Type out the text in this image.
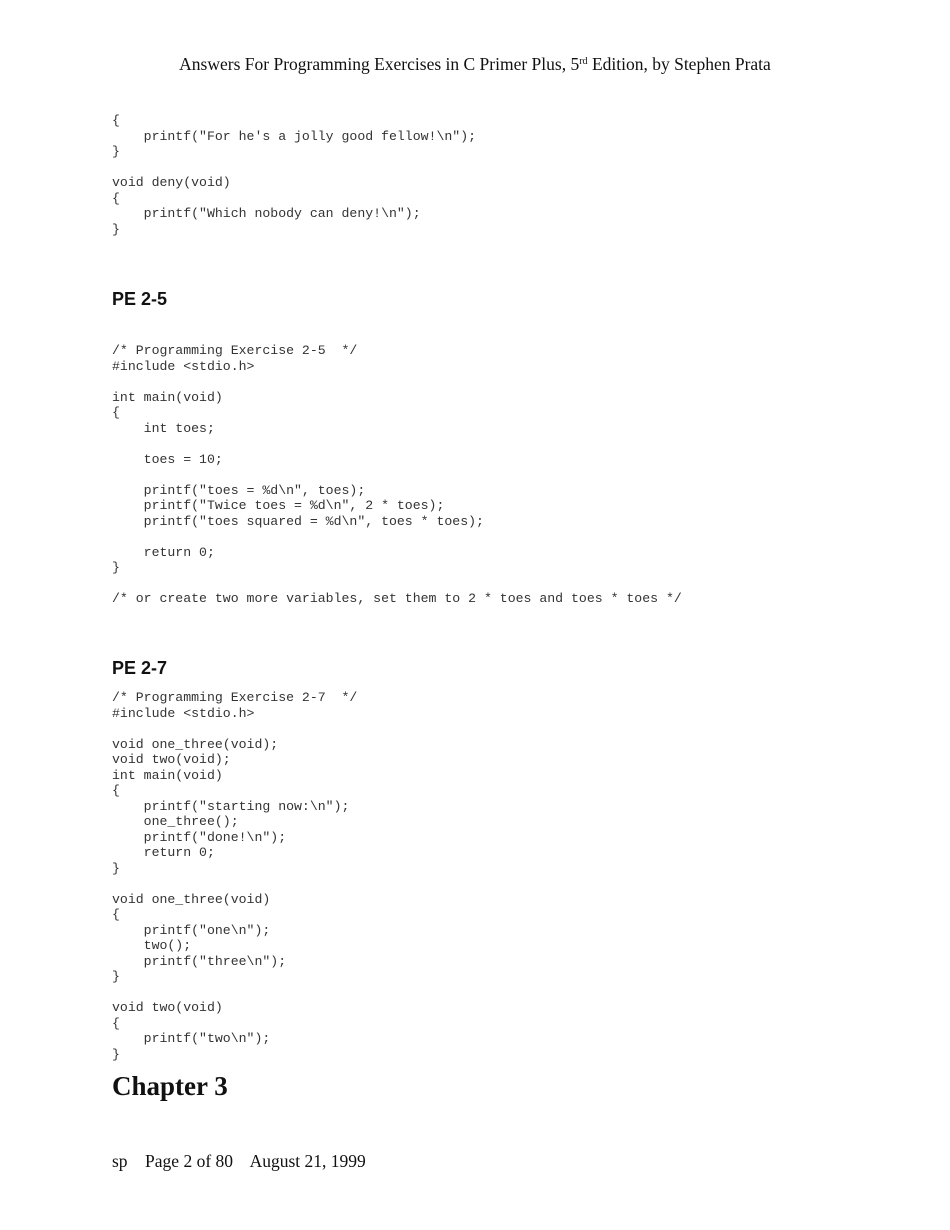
Answers For Programming Exercises in C Primer Plus, 5rd Edition, by Stephen Prata
{
printf("For he's a jolly good fellow!\n");
}

void deny(void)
{
printf("Which nobody can deny!\n");
}
PE 2-5
/* Programming Exercise 2-5  */
#include <stdio.h>

int main(void)
{
int toes;

toes = 10;

printf("toes = %d\n", toes);
printf("Twice toes = %d\n", 2 * toes);
printf("toes squared = %d\n", toes * toes);

return 0;
}

/* or create two more variables, set them to 2 * toes and toes * toes */
PE 2-7
/* Programming Exercise 2-7  */
#include <stdio.h>

void one_three(void);
void two(void);
int main(void)
{
printf("starting now:\n");
one_three();
printf("done!\n");
return 0;
}

void one_three(void)
{
printf("one\n");
two();
printf("three\n");
}

void two(void)
{
printf("two\n");
}
Chapter 3
sp    Page 2 of 80    August 21, 1999
